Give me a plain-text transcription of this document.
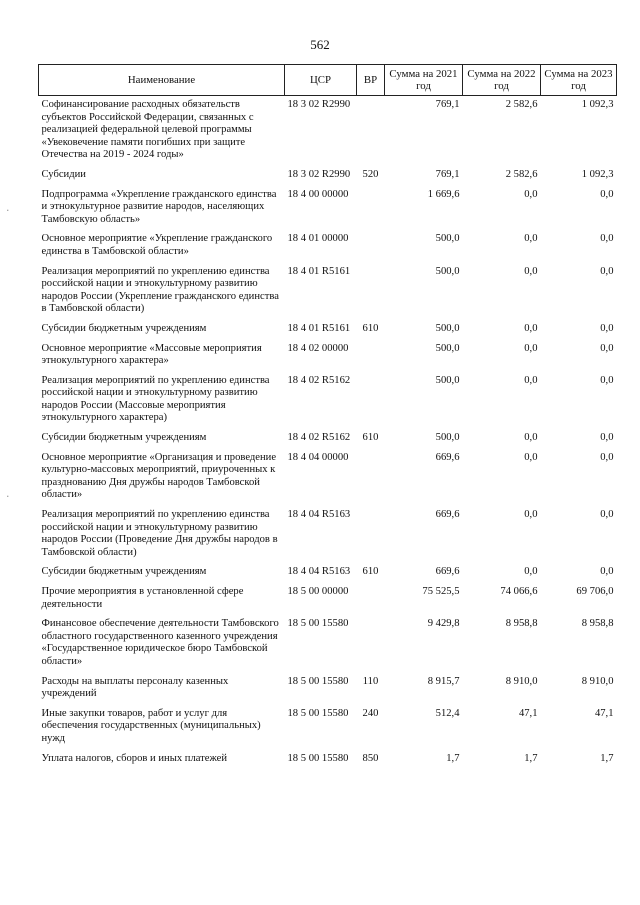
562
·
·
Наименование	ЦСР	ВР	Сумма на 2021 год	Сумма на 2022 год	Сумма на 2023 год
Софинансирование расходных обязательств субъектов Российской Федерации, связанных с реализацией федеральной целевой программы «Увековечение памяти погибших при защите Отечества на 2019 - 2024 годы»	18 3 02 R2990		769,1	2 582,6	1 092,3
Субсидии	18 3 02 R2990	520	769,1	2 582,6	1 092,3
Подпрограмма «Укрепление гражданского единства и этнокультурное развитие народов, населяющих Тамбовскую область»	18 4 00 00000		1 669,6	0,0	0,0
Основное мероприятие «Укрепление гражданского единства в Тамбовской области»	18 4 01 00000		500,0	0,0	0,0
Реализация мероприятий по укреплению единства российской нации и этнокультурному развитию народов России (Укрепление гражданского единства в Тамбовской области)	18 4 01 R5161		500,0	0,0	0,0
Субсидии бюджетным учреждениям	18 4 01 R5161	610	500,0	0,0	0,0
Основное мероприятие «Массовые мероприятия этнокультурного характера»	18 4 02 00000		500,0	0,0	0,0
Реализация мероприятий по укреплению единства российской нации и этнокультурному развитию народов России (Массовые мероприятия этнокультурного характера)	18 4 02 R5162		500,0	0,0	0,0
Субсидии бюджетным учреждениям	18 4 02 R5162	610	500,0	0,0	0,0
Основное мероприятие «Организация и проведение культурно-массовых мероприятий, приуроченных к празднованию Дня дружбы народов Тамбовской области»	18 4 04 00000		669,6	0,0	0,0
Реализация мероприятий по укреплению единства российской нации и этнокультурному развитию народов России (Проведение Дня дружбы народов в Тамбовской области)	18 4 04 R5163		669,6	0,0	0,0
Субсидии бюджетным учреждениям	18 4 04 R5163	610	669,6	0,0	0,0
Прочие мероприятия в установленной сфере деятельности	18 5 00 00000		75 525,5	74 066,6	69 706,0
Финансовое обеспечение деятельности Тамбовского областного государственного казенного учреждения «Государственное юридическое бюро Тамбовской области»	18 5 00 15580		9 429,8	8 958,8	8 958,8
Расходы на выплаты персоналу казенных учреждений	18 5 00 15580	110	8 915,7	8 910,0	8 910,0
Иные закупки товаров, работ и услуг для обеспечения государственных (муниципальных) нужд	18 5 00 15580	240	512,4	47,1	47,1
Уплата налогов, сборов и иных платежей	18 5 00 15580	850	1,7	1,7	1,7
